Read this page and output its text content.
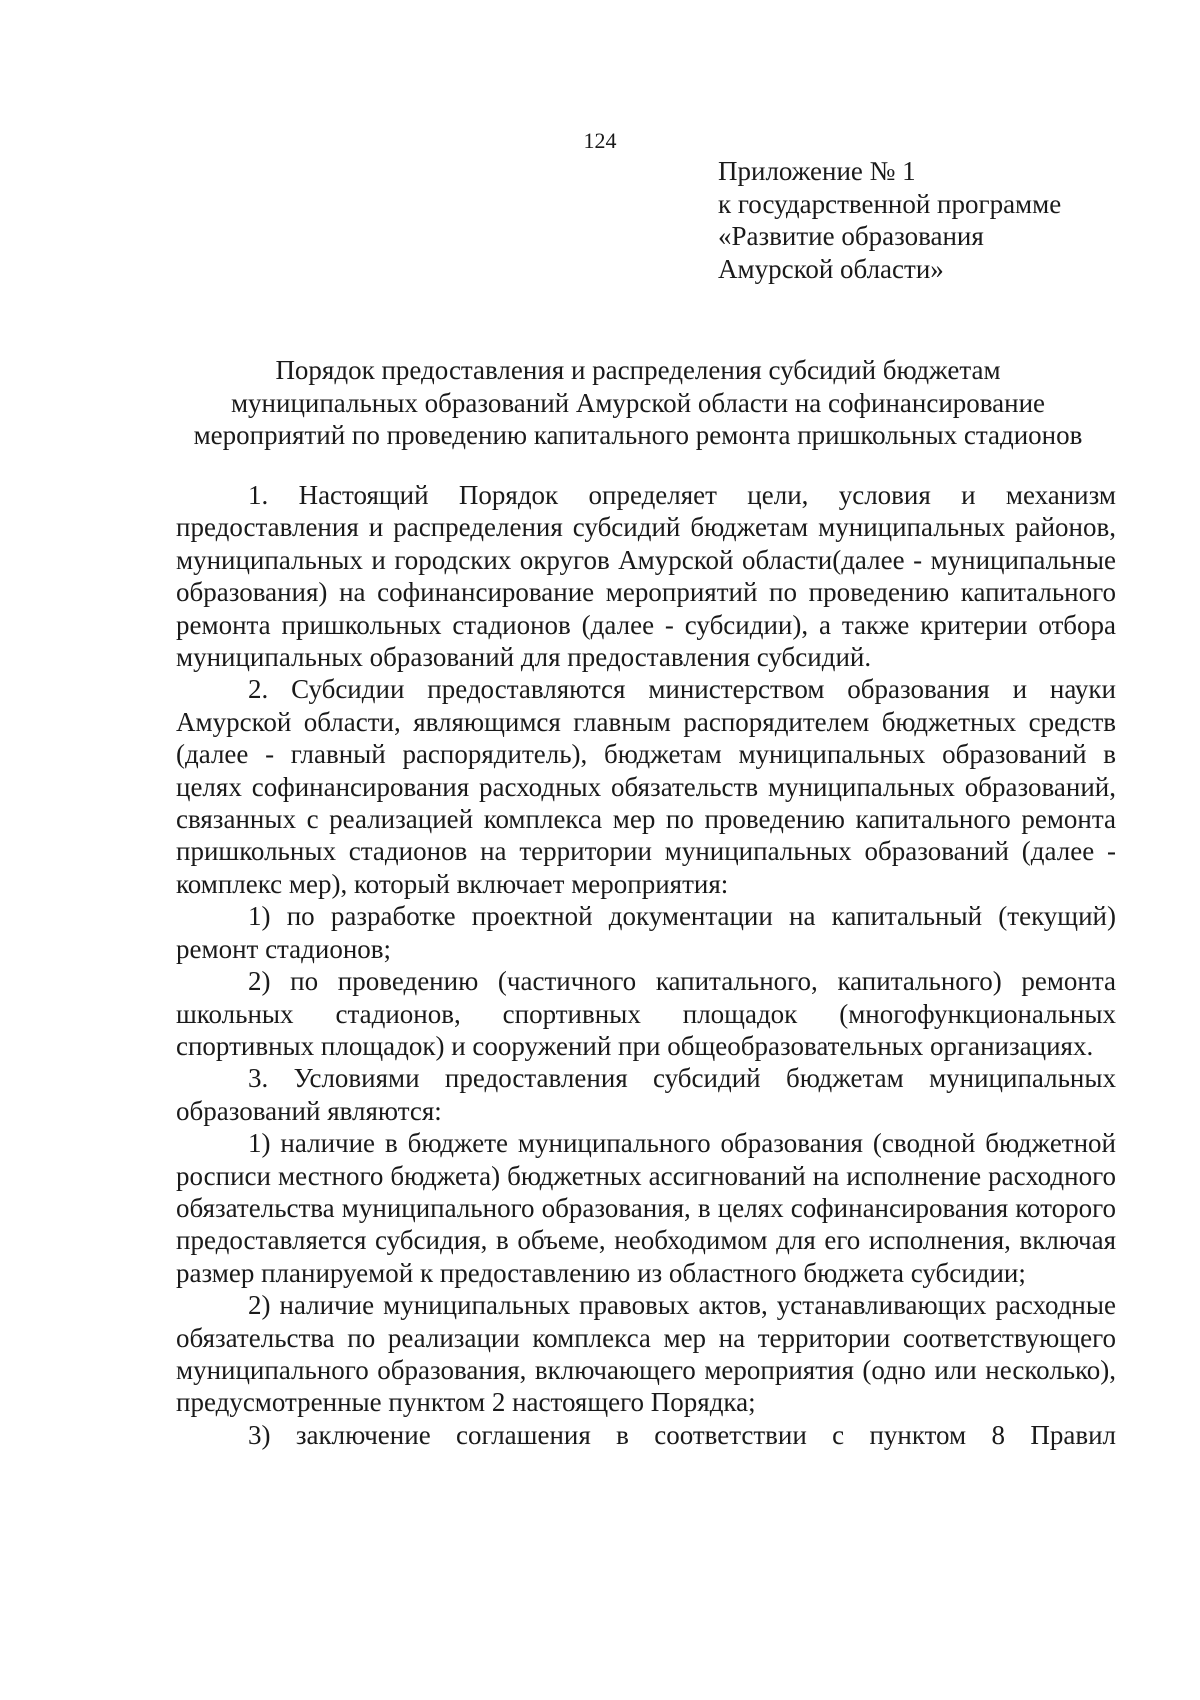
124
Приложение № 1
к государственной программе
«Развитие образования
Амурской области»
Порядок предоставления и распределения субсидий бюджетам
муниципальных образований Амурской области на софинансирование
мероприятий по проведению капитального ремонта пришкольных стадионов

1. Настоящий Порядок определяет цели, условия и механизм предоставления и распределения субсидий бюджетам муниципальных районов, муниципальных и городских округов Амурской области(далее - муниципальные образования) на софинансирование мероприятий по проведению капитального ремонта пришкольных стадионов (далее - субсидии), а также критерии отбора муниципальных образований для предоставления субсидий.

2. Субсидии предоставляются министерством образования и науки Амурской области, являющимся главным распорядителем бюджетных средств (далее - главный распорядитель), бюджетам муниципальных образований в целях софинансирования расходных обязательств муниципальных образований, связанных с реализацией комплекса мер по проведению капитального ремонта пришкольных стадионов на территории муниципальных образований (далее - комплекс мер), который включает мероприятия:

1) по разработке проектной документации на капитальный (текущий) ремонт стадионов;

2) по проведению (частичного капитального, капитального) ремонта школьных стадионов, спортивных площадок (многофункциональных спортивных площадок) и сооружений при общеобразовательных организациях.

3. Условиями предоставления субсидий бюджетам муниципальных образований являются:

1) наличие в бюджете муниципального образования (сводной бюджетной росписи местного бюджета) бюджетных ассигнований на исполнение расходного обязательства муниципального образования, в целях софинансирования которого предоставляется субсидия, в объеме, необходимом для его исполнения, включая размер планируемой к предоставлению из областного бюджета субсидии;

2) наличие муниципальных правовых актов, устанавливающих расходные обязательства по реализации комплекса мер на территории соответствующего муниципального образования, включающего мероприятия (одно или несколько), предусмотренные пунктом 2 настоящего Порядка;

3) заключение соглашения в соответствии с пунктом 8 Правил
